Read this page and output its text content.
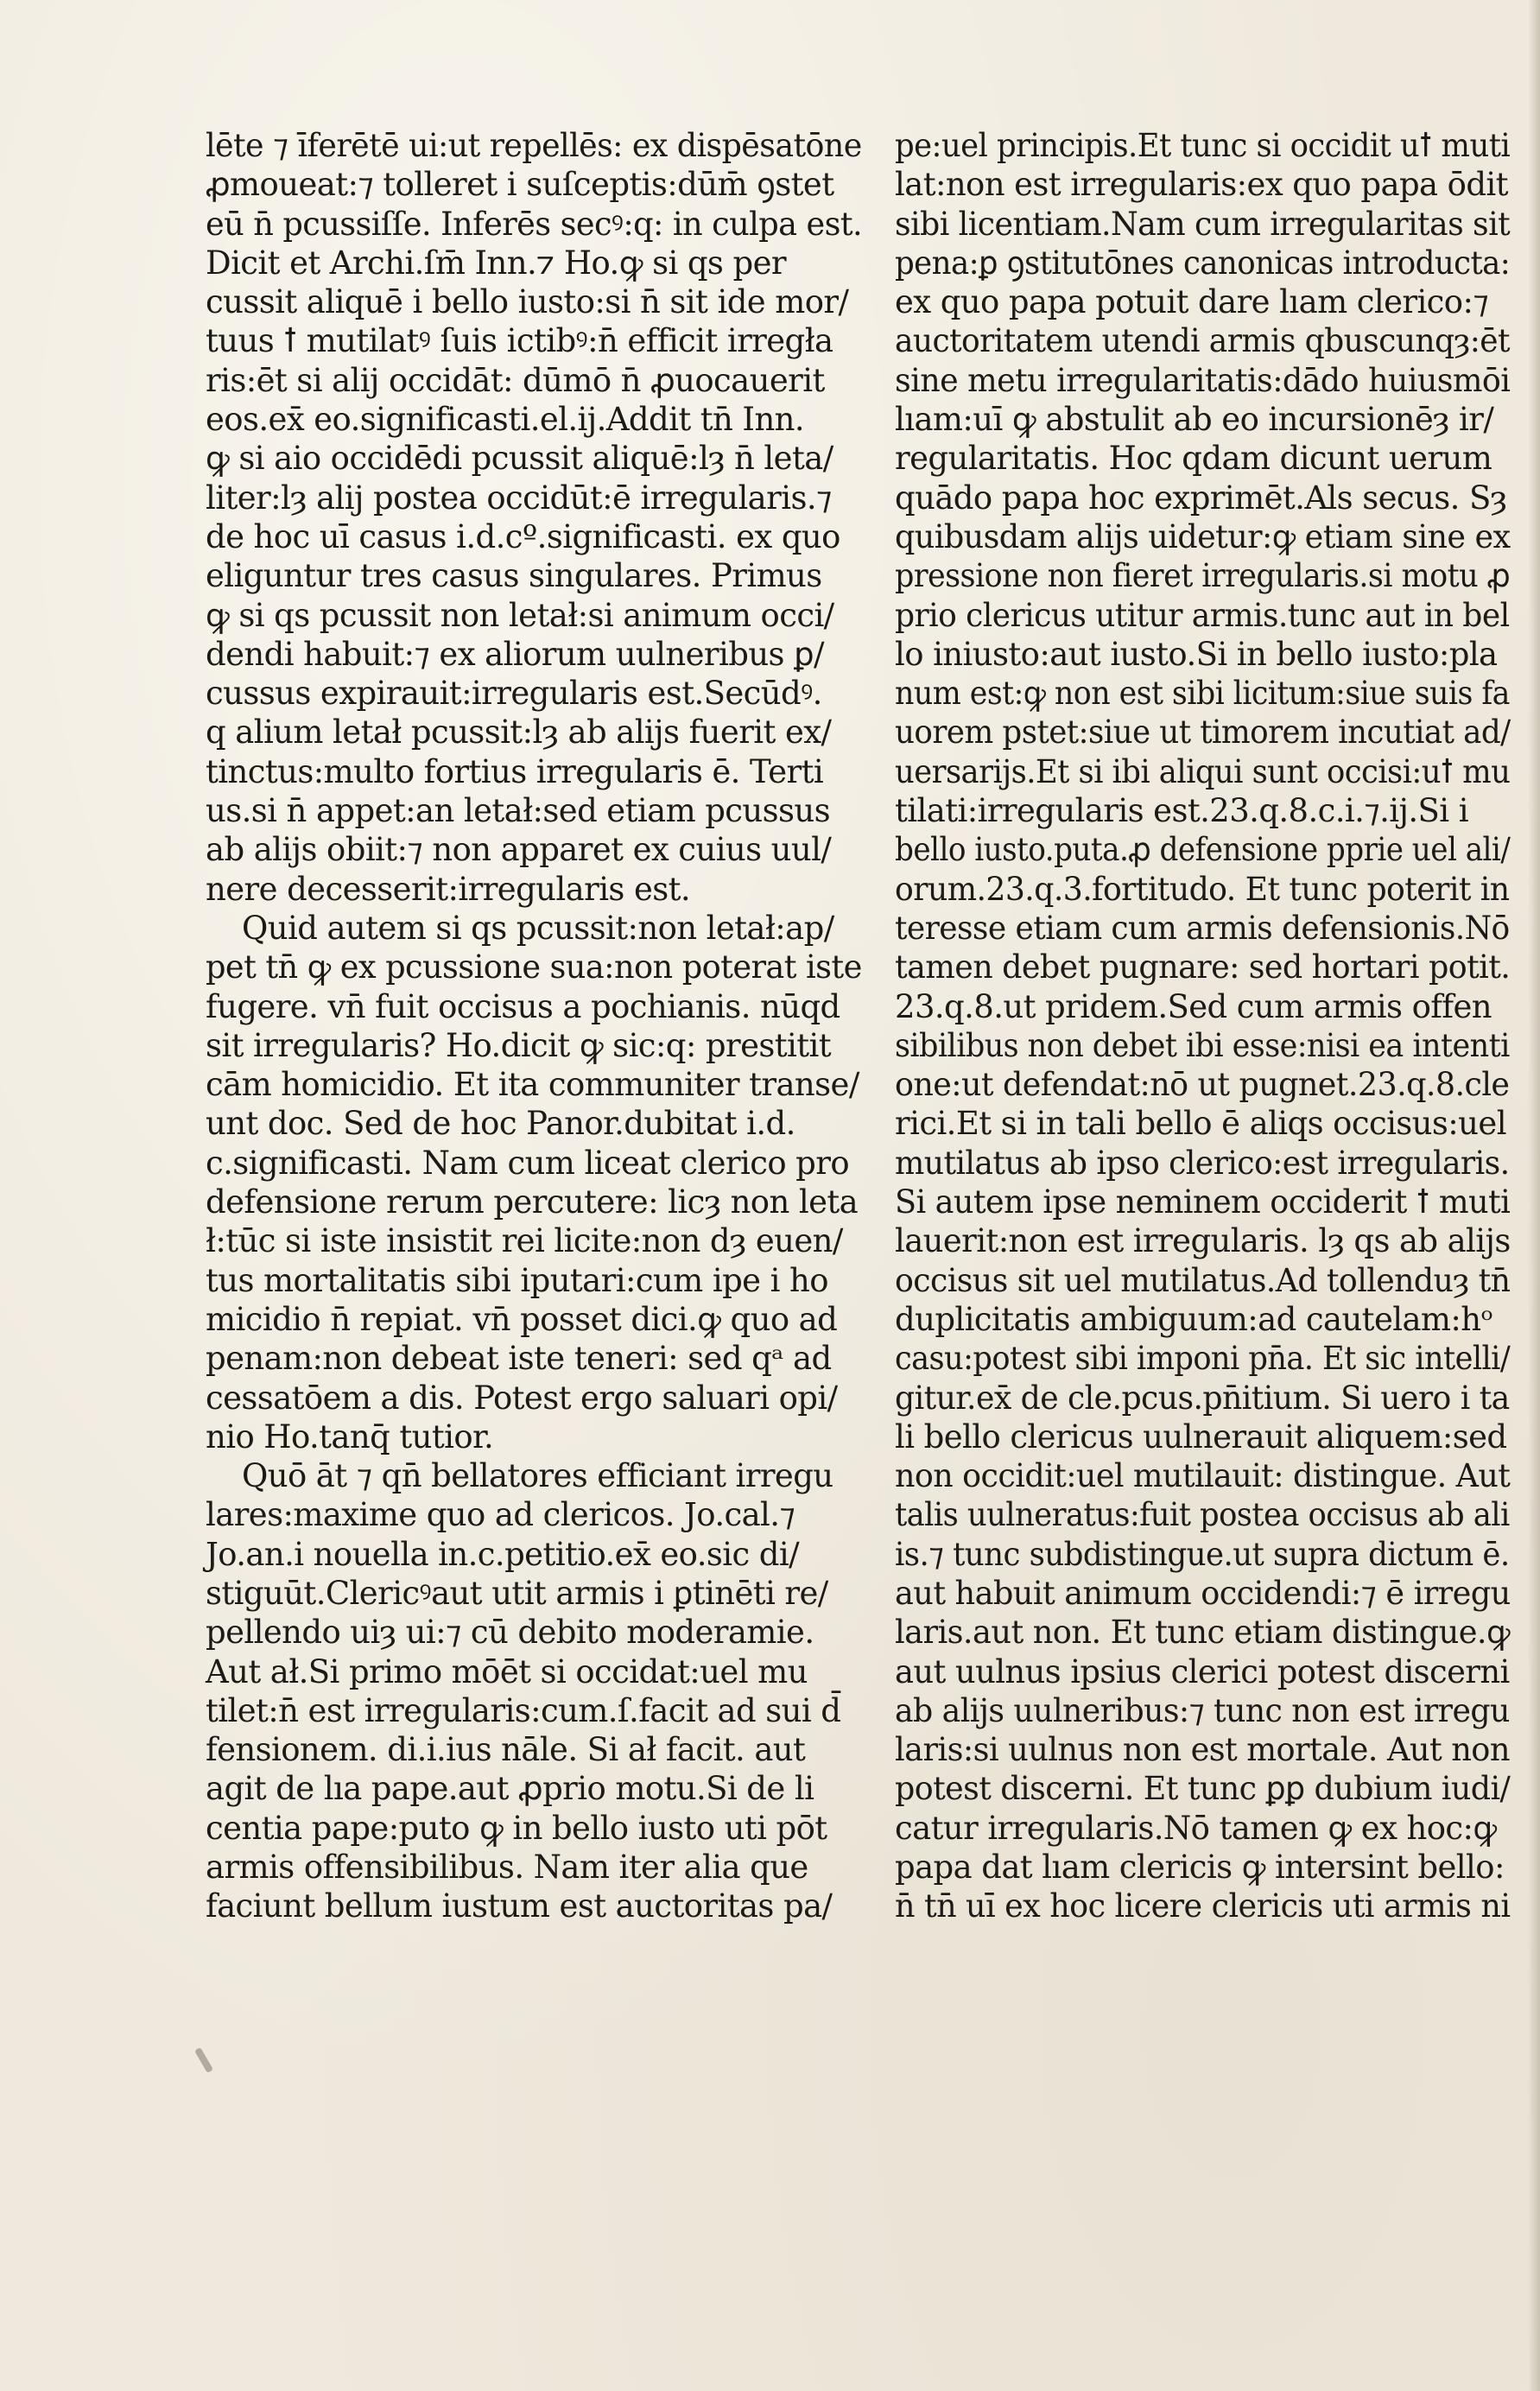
lēte ⁊ īferētē ui:ut repellēs: ex dispēsatōne
ꝓmoueat:⁊ tolleret i suſceptis:dūm̄ ꝯstet
eū n̄ pcussiſſe. Inferēs secꝰ:q: in culpa est.
Dicit et Archi.ſm̄ Inn.⁊ Ho.ꝙ si qs per
cussit aliquē i bello iusto:si n̄ sit ide mor/
tuus ꝉ mutilatꝰ ſuis ictibꝰ:n̄ efficit irregła
ris:ēt si alij occidāt: dūmō n̄ ꝓuocauerit
eos.ex̄ eo.significasti.el.ij.Addit tn̄ Inn.
ꝙ si aio occidēdi pcussit aliquē:lȝ n̄ leta/
liter:lȝ alij postea occidūt:ē irregularis.⁊
de hoc uī casus i.d.cº.significasti. ex quo
eliguntur tres casus singulares. Primus
ꝙ si qs pcussit non letał:si animum occi/
dendi habuit:⁊ ex aliorum uulneribus ꝑ/
cussus expirauit:irregularis est.Secūdꝰ.
q alium letał pcussit:lȝ ab alijs fuerit ex/
tinctus:multo fortius irregularis ē. Terti
us.si n̄ appet:an letał:sed etiam pcussus
ab alijs obiit:⁊ non apparet ex cuius uul/
nere decesserit:irregularis est.
Quid autem si qs pcussit:non letał:ap/
pet tn̄ ꝙ ex pcussione sua:non poterat iste
fugere. vn̄ fuit occisus a pochianis. nūqd
sit irregularis? Ho.dicit ꝙ sic:q: prestitit
cām homicidio. Et ita communiter transe/
unt doc. Sed de hoc Panor.dubitat i.d.
c.significasti. Nam cum liceat clerico pro
defensione rerum percutere: licȝ non leta
ł:tūc si iste insistit rei licite:non dȝ euen/
tus mortalitatis sibi iputari:cum ipe i ho
micidio n̄ repiat. vn̄ posset dici.ꝙ quo ad
penam:non debeat iste teneri: sed qᵃ ad
cessatōem a dis. Potest ergo saluari opi/
nio Ho.tanq̄ tutior.
Quō āt ⁊ qn̄ bellatores efficiant irregu
lares:maxime quo ad clericos. Jo.cal.⁊
Jo.an.i nouella in.c.petitio.ex̄ eo.sic di/
stiguūt.Clericꝰaut utit armis i ꝑtinēti re/
pellendo uiȝ ui:⁊ cū debito moderamie.
Aut ał.Si primo mōēt si occidat:uel mu
tilet:n̄ est irregularis:cum.ſ.facit ad sui d̄
fensionem. di.i.ius nāle. Si ał facit. aut
agit de lıa pape.aut ꝓprio motu.Si de li
centia pape:puto ꝙ in bello iusto uti pōt
armis offensibilibus. Nam iter alia que
faciunt bellum iustum est auctoritas pa/
pe:uel principis.Et tunc si occidit uꝉ muti
lat:non est irregularis:ex quo papa ōdit
sibi licentiam.Nam cum irregularitas sit
pena:ꝑ ꝯstitutōnes canonicas introducta:
ex quo papa potuit dare lıam clerico:⁊
auctoritatem utendi armis qbuscunqȝ:ēt
sine metu irregularitatis:dādo huiusmōi
lıam:uī ꝙ abstulit ab eo incursionēȝ ir/
regularitatis. Hoc qdam dicunt uerum
quādo papa hoc exprimēt.Als secus. Sȝ
quibusdam alijs uidetur:ꝙ etiam sine ex
pressione non fieret irregularis.si motu ꝓ
prio clericus utitur armis.tunc aut in bel
lo iniusto:aut iusto.Si in bello iusto:pla
num est:ꝙ non est sibi licitum:siue suis fa
uorem pstet:siue ut timorem incutiat ad/
uersarijs.Et si ibi aliqui sunt occisi:uꝉ mu
tilati:irregularis est.23.q.8.c.i.⁊.ij.Si i
bello iusto.puta.ꝓ defensione pprie uel ali/
orum.23.q.3.fortitudo. Et tunc poterit in
teresse etiam cum armis defensionis.Nō
tamen debet pugnare: sed hortari potit.
23.q.8.ut pridem.Sed cum armis offen
sibilibus non debet ibi esse:nisi ea intenti
one:ut defendat:nō ut pugnet.23.q.8.cle
rici.Et si in tali bello ē aliqs occisus:uel
mutilatus ab ipso clerico:est irregularis.
Si autem ipse neminem occiderit ꝉ muti
lauerit:non est irregularis. lȝ qs ab alijs
occisus sit uel mutilatus.Ad tollenduȝ tn̄
duplicitatis ambiguum:ad cautelam:hᵒ
casu:potest sibi imponi pn̄a. Et sic intelli/
gitur.ex̄ de cle.pcus.pn̄itium. Si uero i ta
li bello clericus uulnerauit aliquem:sed
non occidit:uel mutilauit: distingue. Aut
talis uulneratus:fuit postea occisus ab ali
is.⁊ tunc subdistingue.ut supra dictum ē.
aut habuit animum occidendi:⁊ ē irregu
laris.aut non. Et tunc etiam distingue.ꝙ
aut uulnus ipsius clerici potest discerni
ab alijs uulneribus:⁊ tunc non est irregu
laris:si uulnus non est mortale. Aut non
potest discerni. Et tunc ꝑꝑ dubium iudi/
catur irregularis.Nō tamen ꝙ ex hoc:ꝙ
papa dat lıam clericis ꝙ intersint bello:
n̄ tn̄ uī ex hoc licere clericis uti armis ni
